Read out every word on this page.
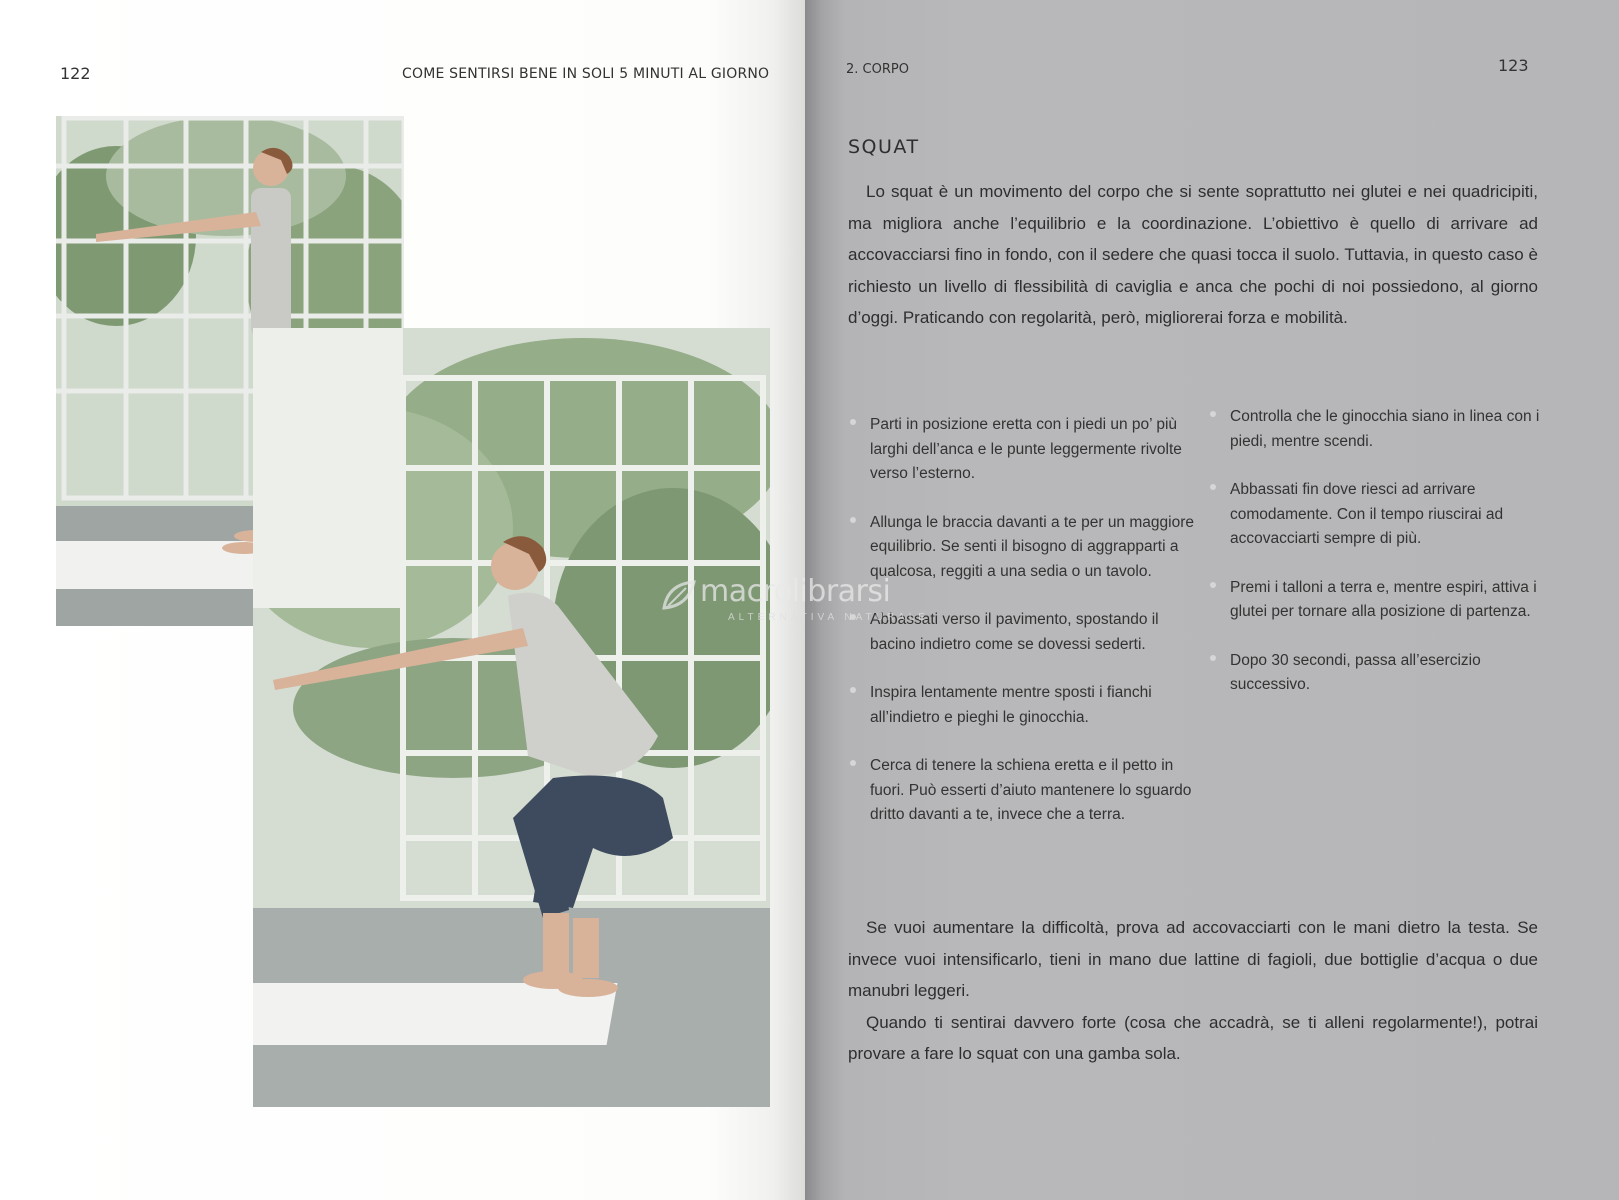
122	COME SENTIRSI BENE IN SOLI 5 MINUTI AL GIORNO	2. CORPO	123
SQUAT

Lo squat è un movimento del corpo che si sente soprattutto nei glutei e nei quadricipiti, ma migliora anche l’equilibrio e la coordinazione. L’obiettivo è quello di arrivare ad accovacciarsi fino in fondo, con il sedere che quasi tocca il suolo. Tuttavia, in questo caso è richiesto un livello di flessibilità di caviglia e anca che pochi di noi possiedono, al giorno d’oggi. Praticando con regolarità, però, migliorerai forza e mobilità.

Parti in posizione eretta con i piedi un po’ più larghi dell’anca e le punte leggermente rivolte verso l’esterno.
Allunga le braccia davanti a te per un maggiore equilibrio. Se senti il bisogno di aggrapparti a qualcosa, reggiti a una sedia o un tavolo.
Abbassati verso il pavimento, spostando il bacino indietro come se dovessi sederti.
Inspira lentamente mentre sposti i fianchi all’indietro e pieghi le ginocchia.
Cerca di tenere la schiena eretta e il petto in fuori. Può esserti d’aiuto mantenere lo sguardo dritto davanti a te, invece che a terra.
Controlla che le ginocchia siano in linea con i piedi, mentre scendi.
Abbassati fin dove riesci ad arrivare comodamente. Con il tempo riuscirai ad accovacciarti sempre di più.
Premi i talloni a terra e, mentre espiri, attiva i glutei per tornare alla posizione di partenza.
Dopo 30 secondi, passa all’esercizio successivo.

Se vuoi aumentare la difficoltà, prova ad accovacciarti con le mani dietro la testa. Se invece vuoi intensificarlo, tieni in mano due lattine di fagioli, due bottiglie d’acqua o due manubri leggeri.

Quando ti sentirai davvero forte (cosa che accadrà, se ti alleni regolarmente!), potrai provare a fare lo squat con una gamba sola.

macrolibrarsi
ALTERNATIVA NATURALE
